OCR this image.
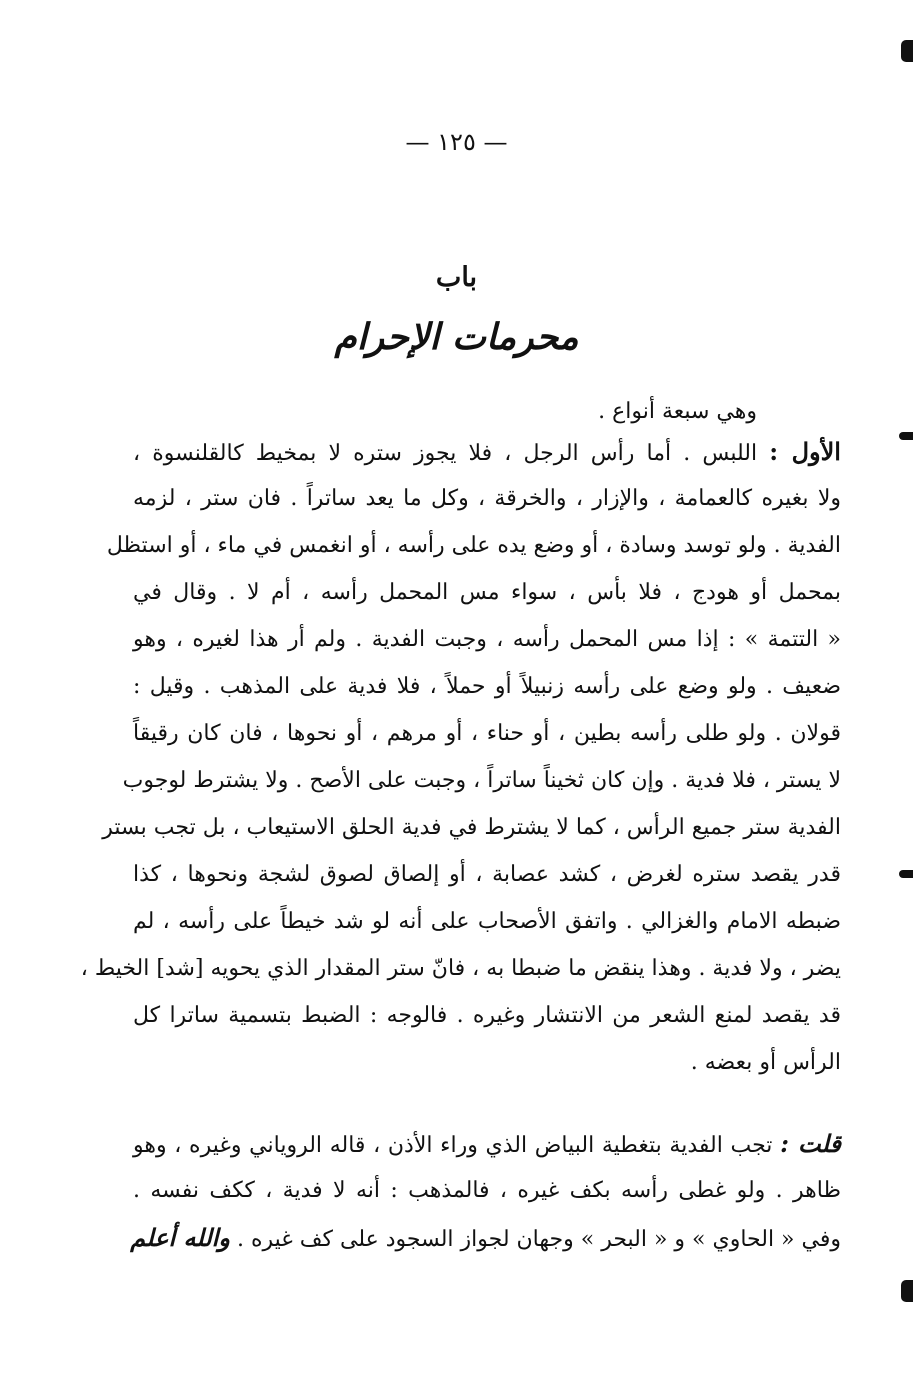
— ١٢٥ —
باب
محرمات الإحرام
وهي سبعة أنواع .
الأول : اللبس . أما رأس الرجل ، فلا يجوز ستره لا بمخيط كالقلنسوة ،
ولا بغيره كالعمامة ، والإزار ، والخرقة ، وكل ما يعد ساتراً . فان ستر ، لزمه
الفدية . ولو توسد وسادة ، أو وضع يده على رأسه ، أو انغمس في ماء ، أو استظل
بمحمل أو هودج ، فلا بأس ، سواء مس المحمل رأسه ، أم لا . وقال في
« التتمة » : إذا مس المحمل رأسه ، وجبت الفدية . ولم أر هذا لغيره ، وهو
ضعيف . ولو وضع على رأسه زنبيلاً أو حملاً ، فلا فدية على المذهب . وقيل :
قولان . ولو طلى رأسه بطين ، أو حناء ، أو مرهم ، أو نحوها ، فان كان رقيقاً
لا يستر ، فلا فدية . وإن كان ثخيناً ساتراً ، وجبت على الأصح . ولا يشترط لوجوب
الفدية ستر جميع الرأس ، كما لا يشترط في فدية الحلق الاستيعاب ، بل تجب بستر
قدر يقصد ستره لغرض ، كشد عصابة ، أو إلصاق لصوق لشجة ونحوها ، كذا
ضبطه الامام والغزالي . واتفق الأصحاب على أنه لو شد خيطاً على رأسه ، لم
يضر ، ولا فدية . وهذا ينقض ما ضبطا به ، فانّ ستر المقدار الذي يحويه [شد] الخيط ،
قد يقصد لمنع الشعر من الانتشار وغيره . فالوجه : الضبط بتسمية ساترا كل
الرأس أو بعضه .
قلت : تجب الفدية بتغطية البياض الذي وراء الأذن ، قاله الروياني وغيره ، وهو
ظاهر . ولو غطى رأسه بكف غيره ، فالمذهب : أنه لا فدية ، ككف نفسه .
وفي « الحاوي » و « البحر » وجهان لجواز السجود على كف غيره . والله أعلم
